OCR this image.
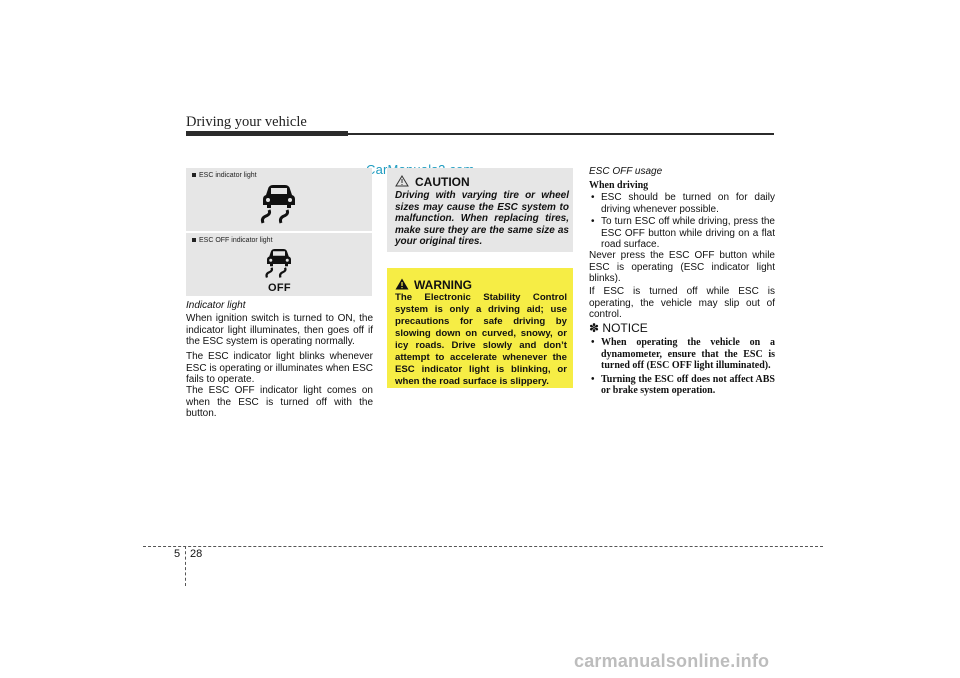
Driving your vehicle
ESC indicator light
ESC OFF indicator light
OFF
Indicator light
When ignition switch is turned to ON, the indicator light illuminates, then goes off if the ESC system is operating normally.
The ESC indicator light blinks whenever ESC is operating or illuminates when ESC fails to operate.
The ESC OFF indicator light comes on when the ESC is turned off with the button.
CAUTION
Driving with varying tire or wheel sizes may cause the ESC system to malfunction. When replacing tires, make sure they are the same size as your original tires.
WARNING
The Electronic Stability Control system is only a driving aid; use precautions for safe driving by slowing down on curved, snowy, or icy roads. Drive slowly and don’t attempt to accelerate whenever the ESC indicator light is blinking, or when the road surface is slippery.
ESC OFF usage
When driving
• ESC should be turned on for daily driving whenever possible.
• To turn ESC off while driving, press the ESC OFF button while driving on a flat road surface.
Never press the ESC OFF button while ESC is operating (ESC indicator light blinks).
If ESC is turned off while ESC is operating, the vehicle may slip out of control.
✽ NOTICE
• When operating the vehicle on a dynamometer, ensure that the ESC is turned off (ESC OFF light illuminated).
• Turning the ESC off does not affect ABS or brake system operation.
5 28
carmanualsonline.info
